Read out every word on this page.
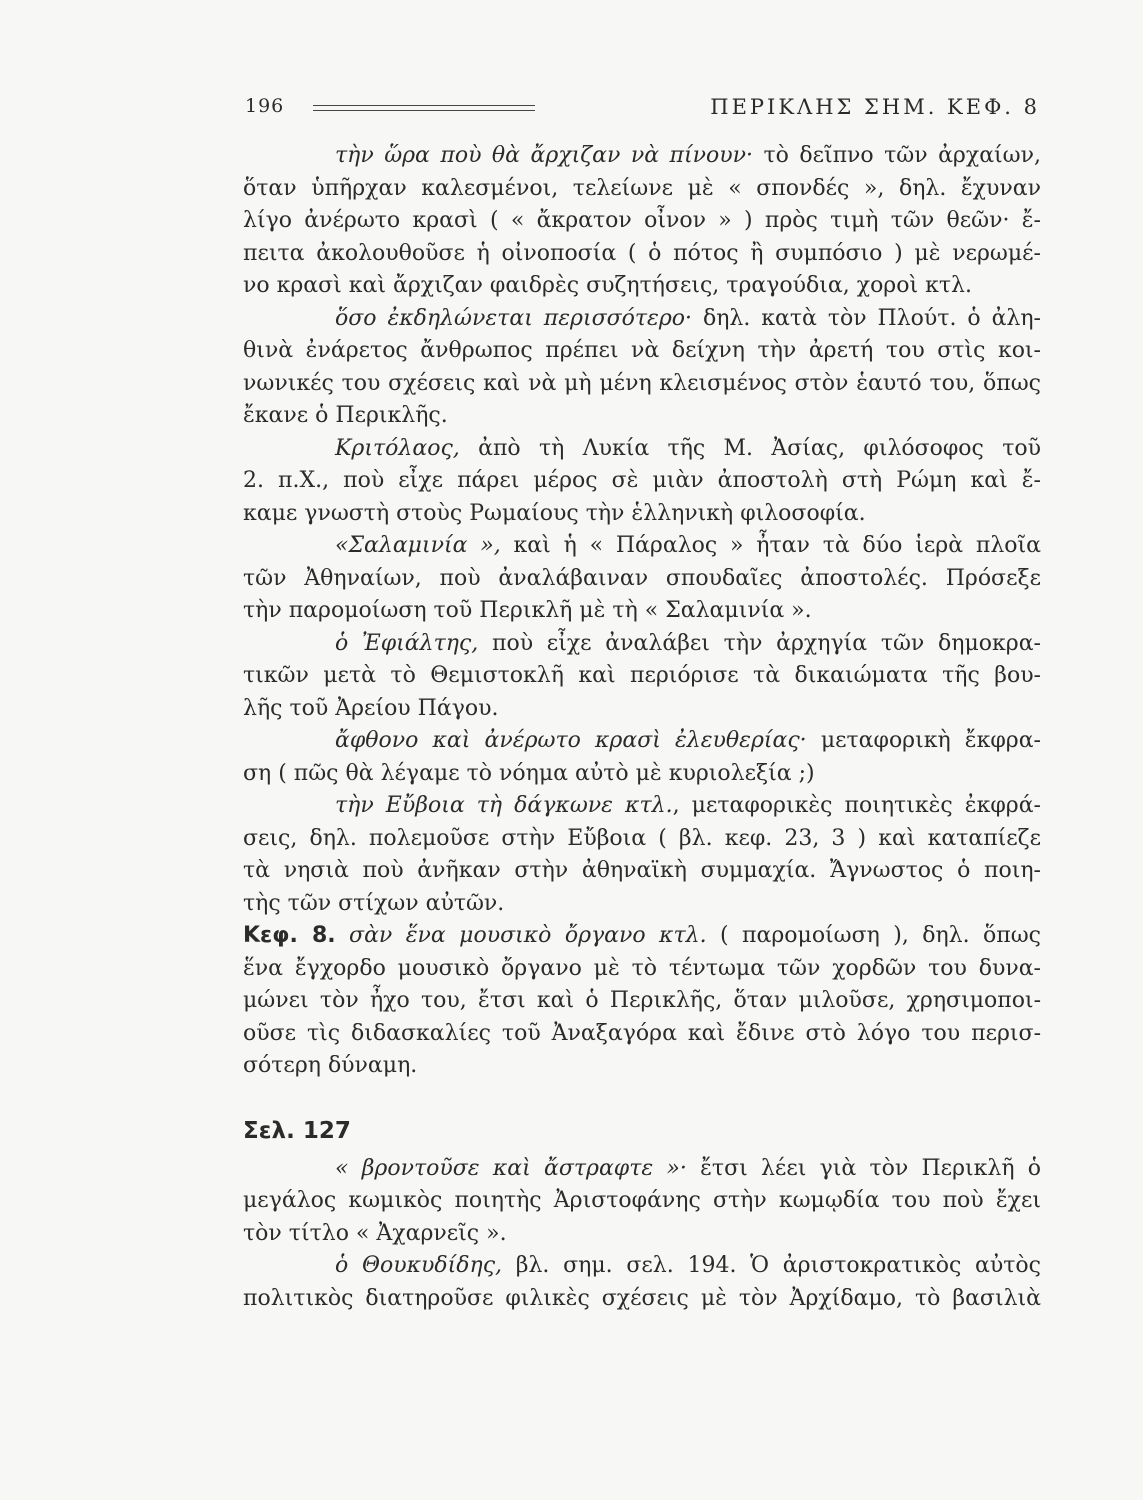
196	ΠΕΡΙΚΛΗΣ ΣΗΜ. ΚΕΦ. 8
τὴν ὥρα ποὺ θὰ ἄρχιζαν νὰ πίνουν· τὸ δεῖπνο τῶν ἀρχαίων,
ὅταν ὑπῆρχαν καλεσμένοι, τελείωνε μὲ « σπονδές », δηλ. ἔχυναν
λίγο ἀνέρωτο κρασὶ ( « ἄκρατον οἶνον » ) πρὸς τιμὴ τῶν θεῶν· ἔ-
πειτα ἀκολουθοῦσε ἡ οἰνοποσία ( ὁ πότος ἢ συμπόσιο ) μὲ νερωμέ-
νο κρασὶ καὶ ἄρχιζαν φαιδρὲς συζητήσεις, τραγούδια, χοροὶ κτλ.
ὅσο ἐκδηλώνεται περισσότερο· δηλ. κατὰ τὸν Πλούτ. ὁ ἀλη-
θινὰ ἐνάρετος ἄνθρωπος πρέπει νὰ δείχνη τὴν ἀρετή του στὶς κοι-
νωνικές του σχέσεις καὶ νὰ μὴ μένη κλεισμένος στὸν ἑαυτό του, ὅπως
ἔκανε ὁ Περικλῆς.
Κριτόλαος, ἀπὸ τὴ Λυκία τῆς Μ. Ἀσίας, φιλόσοφος τοῦ
2. π.Χ., ποὺ εἶχε πάρει μέρος σὲ μιὰν ἀποστολὴ στὴ Ρώμη καὶ ἔ-
καμε γνωστὴ στοὺς Ρωμαίους τὴν ἑλληνικὴ φιλοσοφία.
«Σαλαμινία », καὶ ἡ « Πάραλος » ἦταν τὰ δύο ἱερὰ πλοῖα
τῶν Ἀθηναίων, ποὺ ἀναλάβαιναν σπουδαῖες ἀποστολές. Πρόσεξε
τὴν παρομοίωση τοῦ Περικλῆ μὲ τὴ « Σαλαμινία ».
ὁ Ἐφιάλτης, ποὺ εἶχε ἀναλάβει τὴν ἀρχηγία τῶν δημοκρα-
τικῶν μετὰ τὸ Θεμιστοκλῆ καὶ περιόρισε τὰ δικαιώματα τῆς βου-
λῆς τοῦ Ἀρείου Πάγου.
ἄφθονο καὶ ἀνέρωτο κρασὶ ἐλευθερίας· μεταφορικὴ ἔκφρα-
ση ( πῶς θὰ λέγαμε τὸ νόημα αὐτὸ μὲ κυριολεξία ;)
τὴν Εὔβοια τὴ δάγκωνε κτλ., μεταφορικὲς ποιητικὲς ἐκφρά-
σεις, δηλ. πολεμοῦσε στὴν Εὔβοια ( βλ. κεφ. 23, 3 ) καὶ καταπίεζε
τὰ νησιὰ ποὺ ἀνῆκαν στὴν ἀθηναϊκὴ συμμαχία. Ἄγνωστος ὁ ποιη-
τὴς τῶν στίχων αὐτῶν.
Κεφ. 8. σὰν ἕνα μουσικὸ ὄργανο κτλ. ( παρομοίωση ), δηλ. ὅπως
ἕνα ἔγχορδο μουσικὸ ὄργανο μὲ τὸ τέντωμα τῶν χορδῶν του δυνα-
μώνει τὸν ἦχο του, ἔτσι καὶ ὁ Περικλῆς, ὅταν μιλοῦσε, χρησιμοποι-
οῦσε τὶς διδασκαλίες τοῦ Ἀναξαγόρα καὶ ἔδινε στὸ λόγο του περισ-
σότερη δύναμη.
Σελ. 127
« βροντοῦσε καὶ ἄστραφτε »· ἔτσι λέει γιὰ τὸν Περικλῆ ὁ
μεγάλος κωμικὸς ποιητὴς Ἀριστοφάνης στὴν κωμῳδία του ποὺ ἔχει
τὸν τίτλο « Ἀχαρνεῖς ».
ὁ Θουκυδίδης, βλ. σημ. σελ. 194. Ὁ ἀριστοκρατικὸς αὐτὸς
πολιτικὸς διατηροῦσε φιλικὲς σχέσεις μὲ τὸν Ἀρχίδαμο, τὸ βασιλιὰ
